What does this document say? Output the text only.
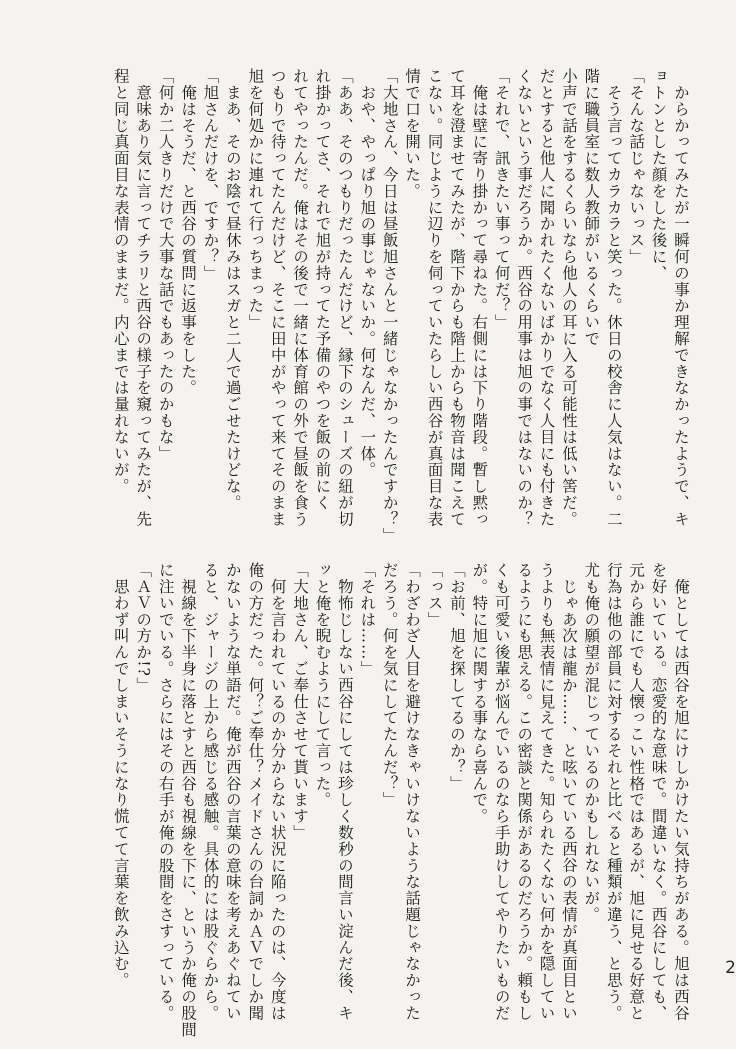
　からかってみたが一瞬何の事か理解できなかったようで、キ
ョトンとした顔をした後に、
「そんな話じゃないっス」
　そう言ってカラカラと笑った。休日の校舎に人気はない。二
階に職員室に数人教師がいるくらいで
小声で話をするくらいなら他人の耳に入る可能性は低い筈だ。
だとすると他人に聞かれたくないばかりでなく人目にも付きた
くないという事だろうか。西谷の用事は旭の事ではないのか？
「それで、訊きたい事って何だ？」
　俺は壁に寄り掛かって尋ねた。右側には下り階段。暫し黙っ
て耳を澄ませてみたが、階下からも階上からも物音は聞こえて
こない。同じように辺りを伺っていたらしい西谷が真面目な表
情で口を開いた。
「大地さん、今日は昼飯旭さんと一緒じゃなかったんですか？」
　おや、やっぱり旭の事じゃないか。何なんだ、一体。
「ああ、そのつもりだったんだけど、縁下のシューズの紐が切
れ掛かってさ、それで旭が持ってた予備のやつを飯の前にく
れてやったんだ。俺はその後で一緒に体育館の外で昼飯を食う
つもりで待ってたんだけど、そこに田中がやって来てそのまま
旭を何処かに連れて行っちまった」
　まあ、そのお陰で昼休みはスガと二人で過ごせたけどな。
「旭さんだけを、ですか？」
　俺はそうだ、と西谷の質問に返事をした。
「何か二人きりだけで大事な話でもあったのかもな」
　意味あり気に言ってチラリと西谷の様子を窺ってみたが、先
程と同じ真面目な表情のままだ。内心までは量れないが。
　俺としては西谷を旭にけしかけたい気持ちがある。旭は西谷
を好いている。恋愛的な意味で。間違いなく。西谷にしても、
元から誰にでも人懐っこい性格ではあるが、旭に見せる好意と
行為は他の部員に対するそれと比べると種類が違う、と思う。
尤も俺の願望が混じっているのかもしれないが。
　じゃあ次は龍か……、と呟いている西谷の表情が真面目とい
うよりも無表情に見えてきた。知られたくない何かを隠してい
るようにも思える。この密談と関係があるのだろうか。頼もし
くも可愛い後輩が悩んでいるのなら手助けしてやりたいものだ
が。特に旭に関する事なら喜んで。
「お前、旭を探してるのか？」
「っス」
「わざわざ人目を避けなきゃいけないような話題じゃなかった
だろう。何を気にしてたんだ？」
「それは……」
　物怖じしない西谷にしては珍しく数秒の間言い淀んだ後、キ
ッと俺を睨むようにして言った。
「大地さん、ご奉仕させて貰います」
　何を言われているのか分からない状況に陥ったのは、今度は
俺の方だった。何？ご奉仕？メイドさんの台詞かＡＶでしか聞
かないような単語だ。俺が西谷の言葉の意味を考えあぐねてい
ると、ジャージの上から感じる感触。具体的には股ぐらから。
　視線を下半身に落とすと西谷も視線を下に、というか俺の股間
に注いでいる。さらにはその右手が俺の股間をさすっている。
「ＡＶの方か!?」
　思わず叫んでしまいそうになり慌てて言葉を飲み込む。	2
